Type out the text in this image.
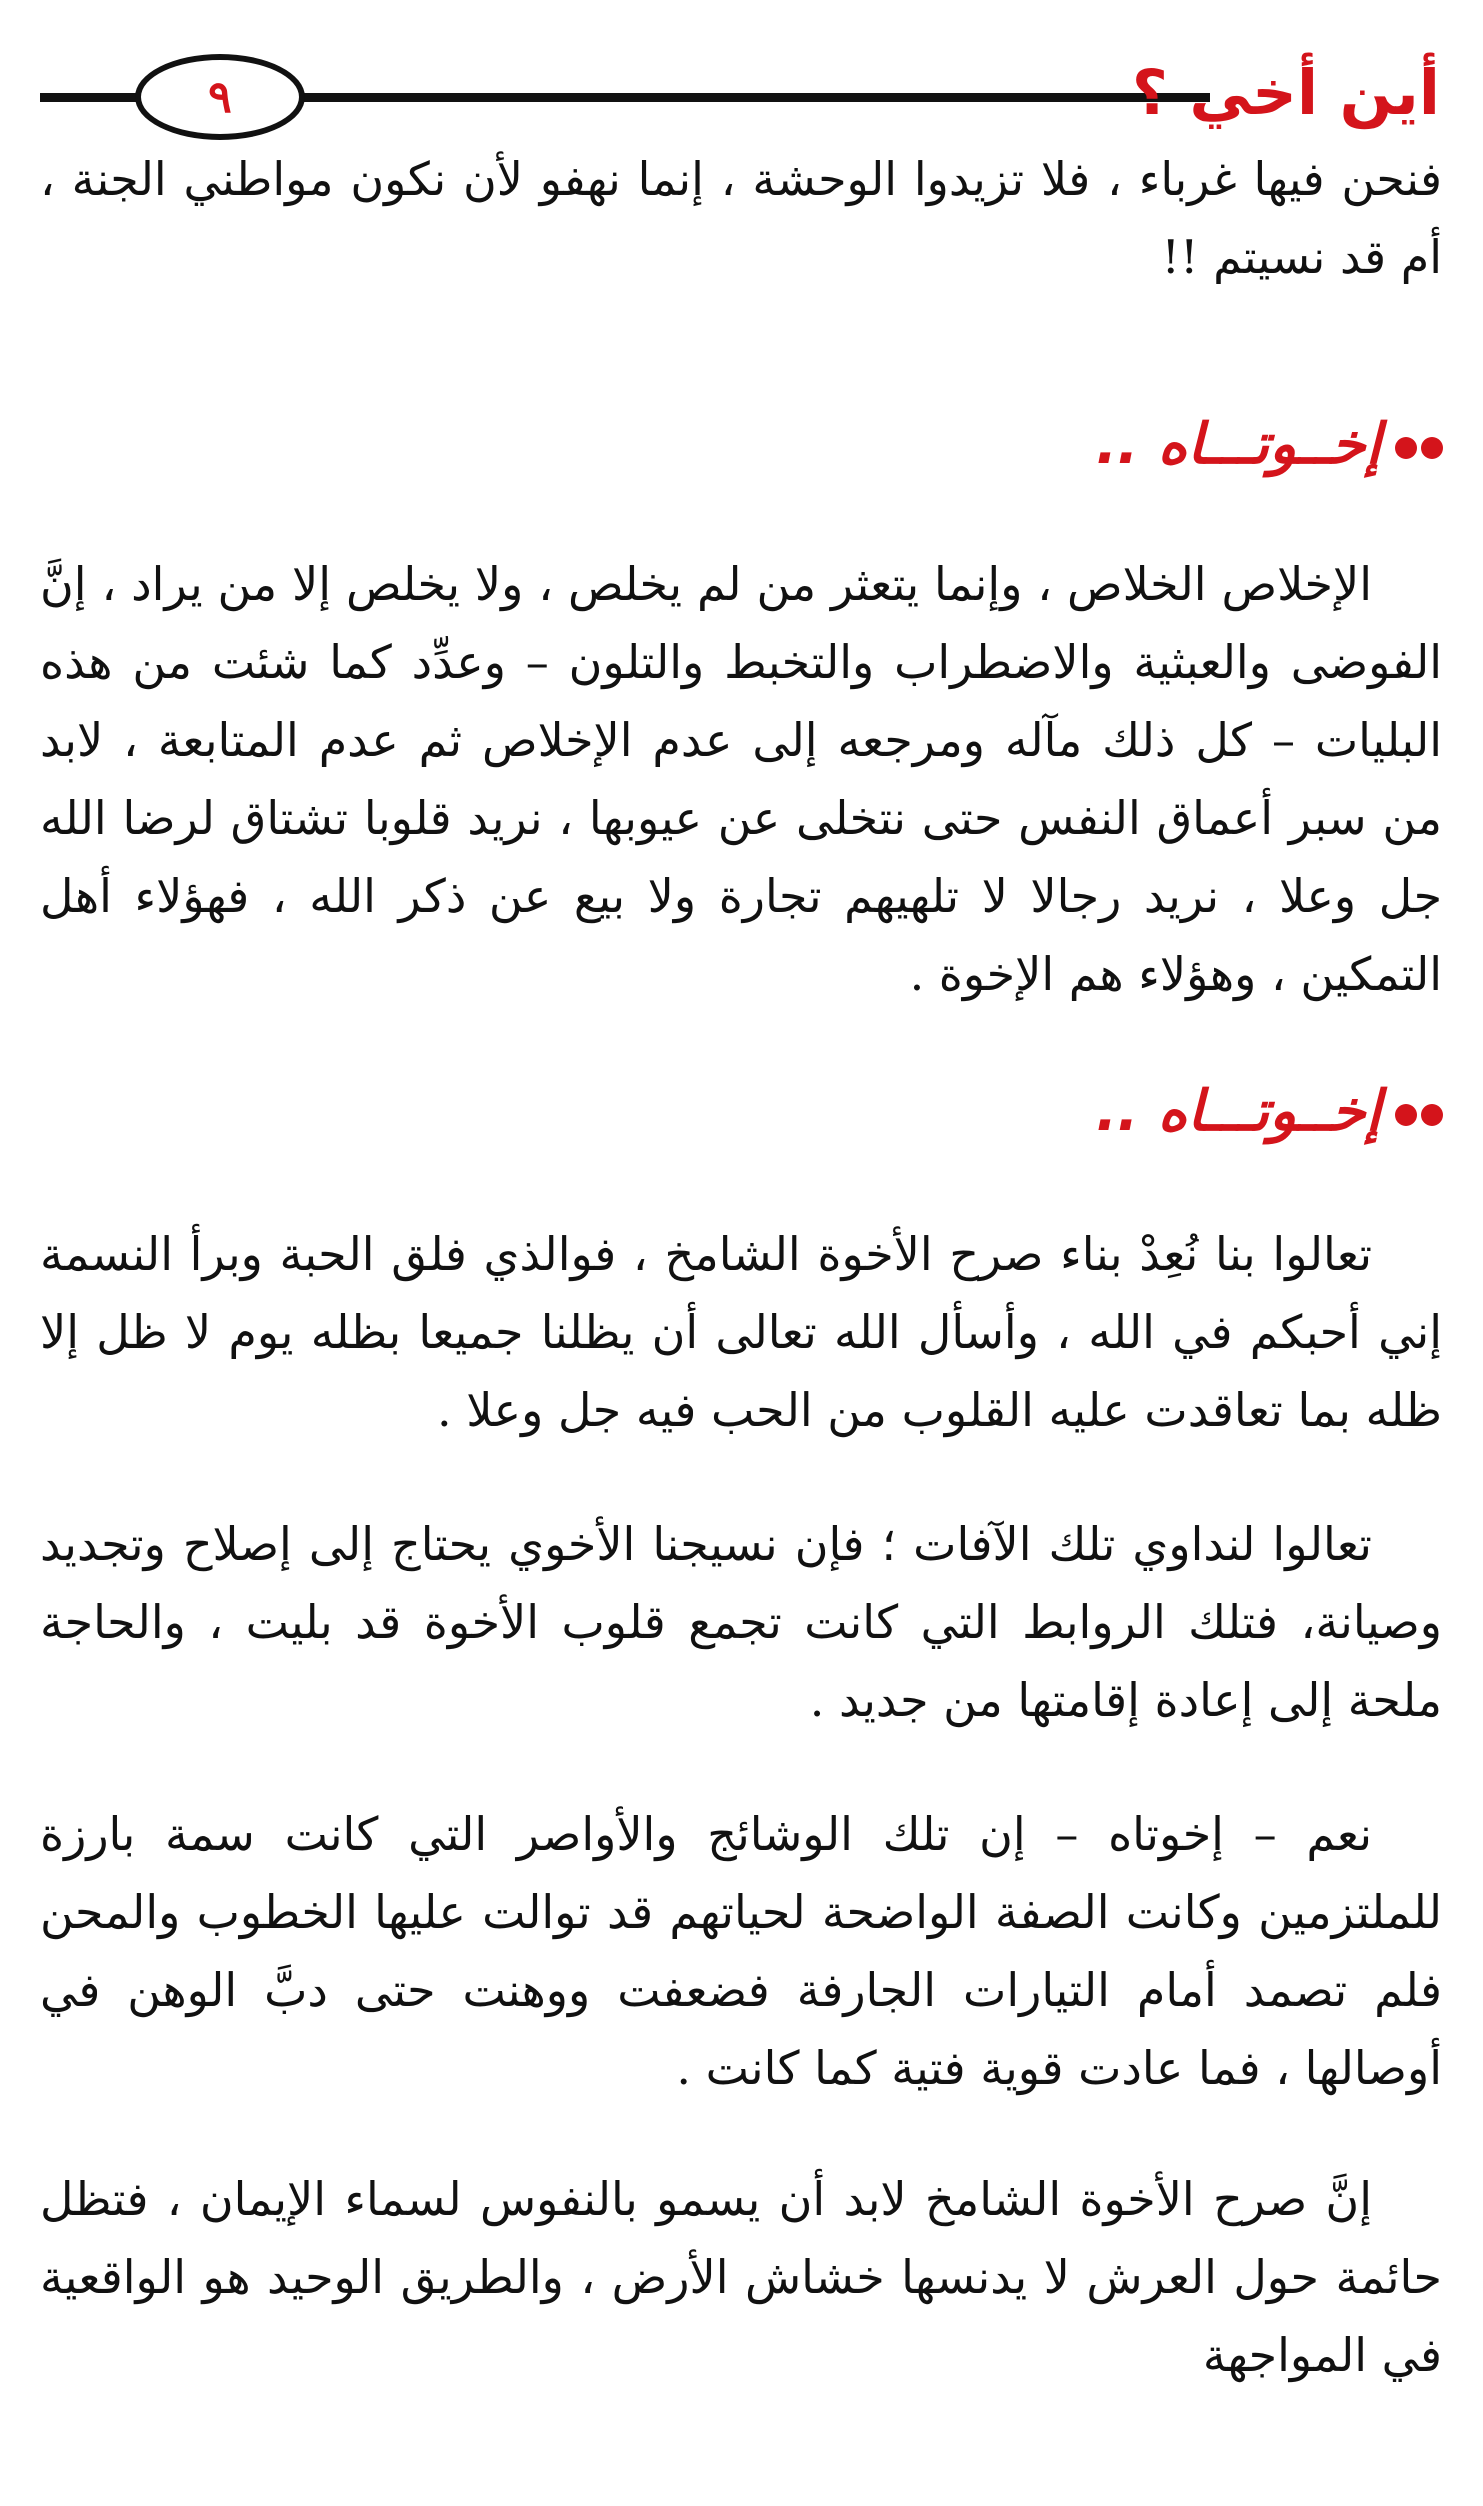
٩	أين أخي ؟

فنحن فيها غرباء ، فلا تزيدوا الوحشة ، إنما نهفو لأن نكون مواطني الجنة ، أم قد نسيتم !!

إخــوتـــاه ..

الإخلاص الخلاص ، وإنما يتعثر من لم يخلص ، ولا يخلص إلا من يراد ، إنَّ الفوضى والعبثية والاضطراب والتخبط والتلون – وعدِّد كما شئت من هذه البليات – كل ذلك مآله ومرجعه إلى عدم الإخلاص ثم عدم المتابعة ، لابد من سبر أعماق النفس حتى نتخلى عن عيوبها ، نريد قلوبا تشتاق لرضا الله جل وعلا ، نريد رجالا لا تلهيهم تجارة ولا بيع عن ذكر الله ، فهؤلاء أهل التمكين ، وهؤلاء هم الإخوة .

إخــوتـــاه ..

تعالوا بنا نُعِدْ بناء صرح الأخوة الشامخ ، فوالذي فلق الحبة وبرأ النسمة إني أحبكم في الله ، وأسأل الله تعالى أن يظلنا جميعا بظله يوم لا ظل إلا ظله بما تعاقدت عليه القلوب من الحب فيه جل وعلا .

تعالوا لنداوي تلك الآفات ؛ فإن نسيجنا الأخوي يحتاج إلى إصلاح وتجديد وصيانة، فتلك الروابط التي كانت تجمع قلوب الأخوة قد بليت ، والحاجة ملحة إلى إعادة إقامتها من جديد .

نعم – إخوتاه – إن تلك الوشائج والأواصر التي كانت سمة بارزة للملتزمين وكانت الصفة الواضحة لحياتهم قد توالت عليها الخطوب والمحن فلم تصمد أمام التيارات الجارفة فضعفت ووهنت حتى دبَّ الوهن في أوصالها ، فما عادت قوية فتية كما كانت .

إنَّ صرح الأخوة الشامخ لابد أن يسمو بالنفوس لسماء الإيمان ، فتظل حائمة حول العرش لا يدنسها خشاش الأرض ، والطريق الوحيد هو الواقعية في المواجهة
